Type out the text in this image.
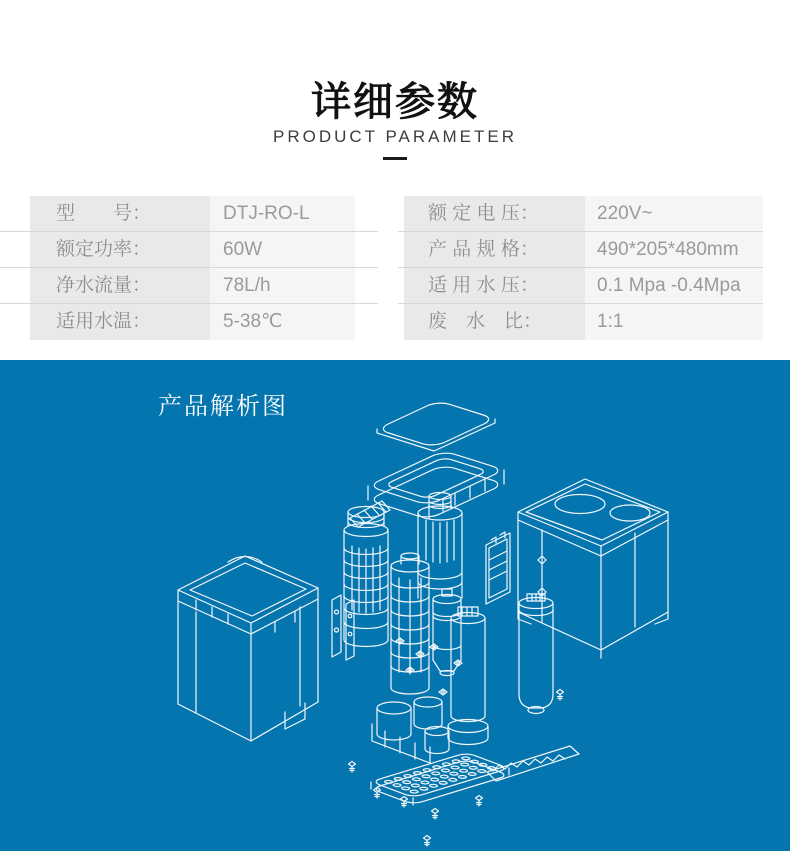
详细参数
PRODUCT PARAMETER
型　　号：	DTJ-RO-L
额定功率：	60W
净水流量：	78L/h
适用水温：	5-38℃
额 定 电 压：	220V~
产 品 规 格：	490*205*480mm
适 用 水 压：	0.1 Mpa -0.4Mpa
废　水　比：	1:1
产品解析图
